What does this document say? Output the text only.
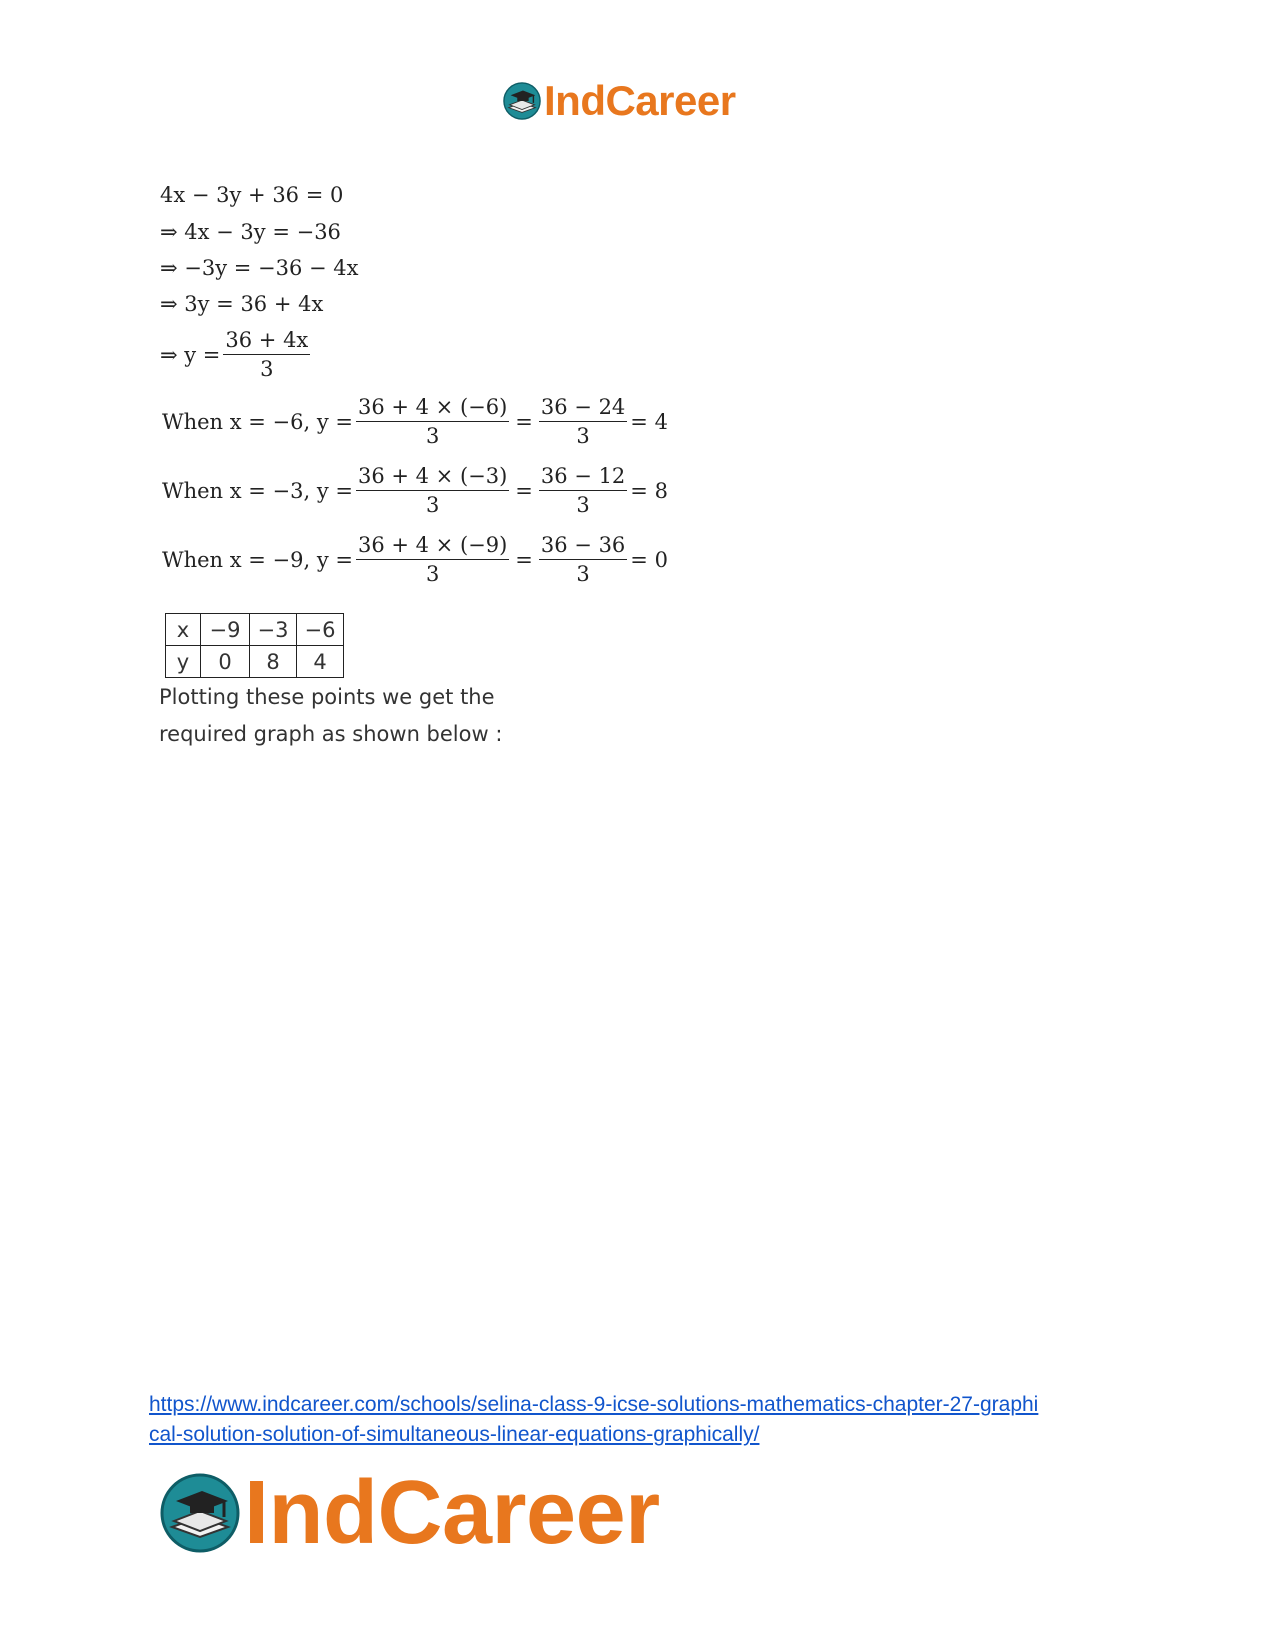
IndCareer
4x − 3y + 36 = 0
⇒ 4x − 3y = −36
⇒ −3y = −36 − 4x
⇒ 3y = 36 + 4x
⇒ $y = \frac{36 + 4x}{3}$
When x = −6, $y = \frac{36 + 4 \times (-6)}{3} = \frac{36 - 24}{3} = 4$
When x = −3, $y = \frac{36 + 4 \times (-3)}{3} = \frac{36 - 12}{3} = 8$
When x = −9, $y = \frac{36 + 4 \times (-9)}{3} = \frac{36 - 36}{3} = 0$
x	−9	−3	−6
y	0	8	4
Plotting these points we get the
required graph as shown below :
https://www.indcareer.com/schools/selina-class-9-icse-solutions-mathematics-chapter-27-graphi
cal-solution-solution-of-simultaneous-linear-equations-graphically/
IndCareer
